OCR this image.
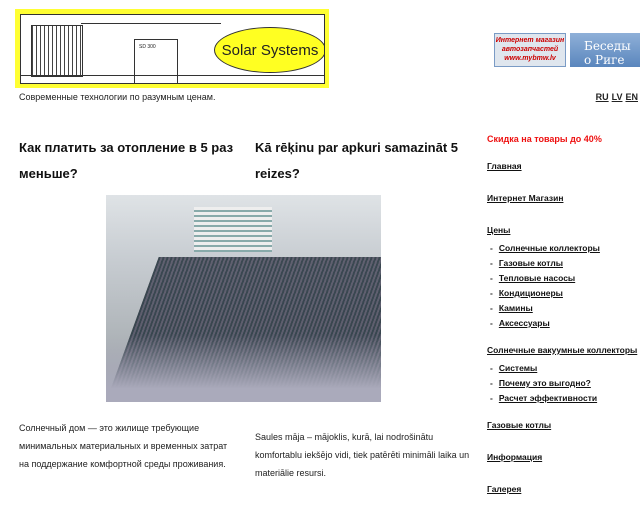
SD 300	Solar Systems
Интернет магазин автозапчастей www.mybmw.lv
Беседы о Риге
Современные технологии по разумным ценам.	RU LV EN
Как платить за отопление в 5 раз меньше?
Kā rēķinu par apkuri samazināt 5 reizes?

Солнечный дом — это жилище требующие минимальных материальных и временных затрат на поддержание комфортной среды проживания.

Saules māja – mājoklis, kurā, lai nodrošinātu komfortablu iekšējo vidi, tiek patērēti minimāli laika un materiālie resursi.

Скидка на товары до 40%
Главная
Интернет Магазин
Цены
- Солнечные коллекторы
- Газовые котлы
- Тепловые насосы
- Кондиционеры
- Камины
- Аксессуары
Солнечные вакуумные коллекторы
- Системы
- Почему это выгодно?
- Расчет эффективности
Газовые котлы
Информация
Галерея
